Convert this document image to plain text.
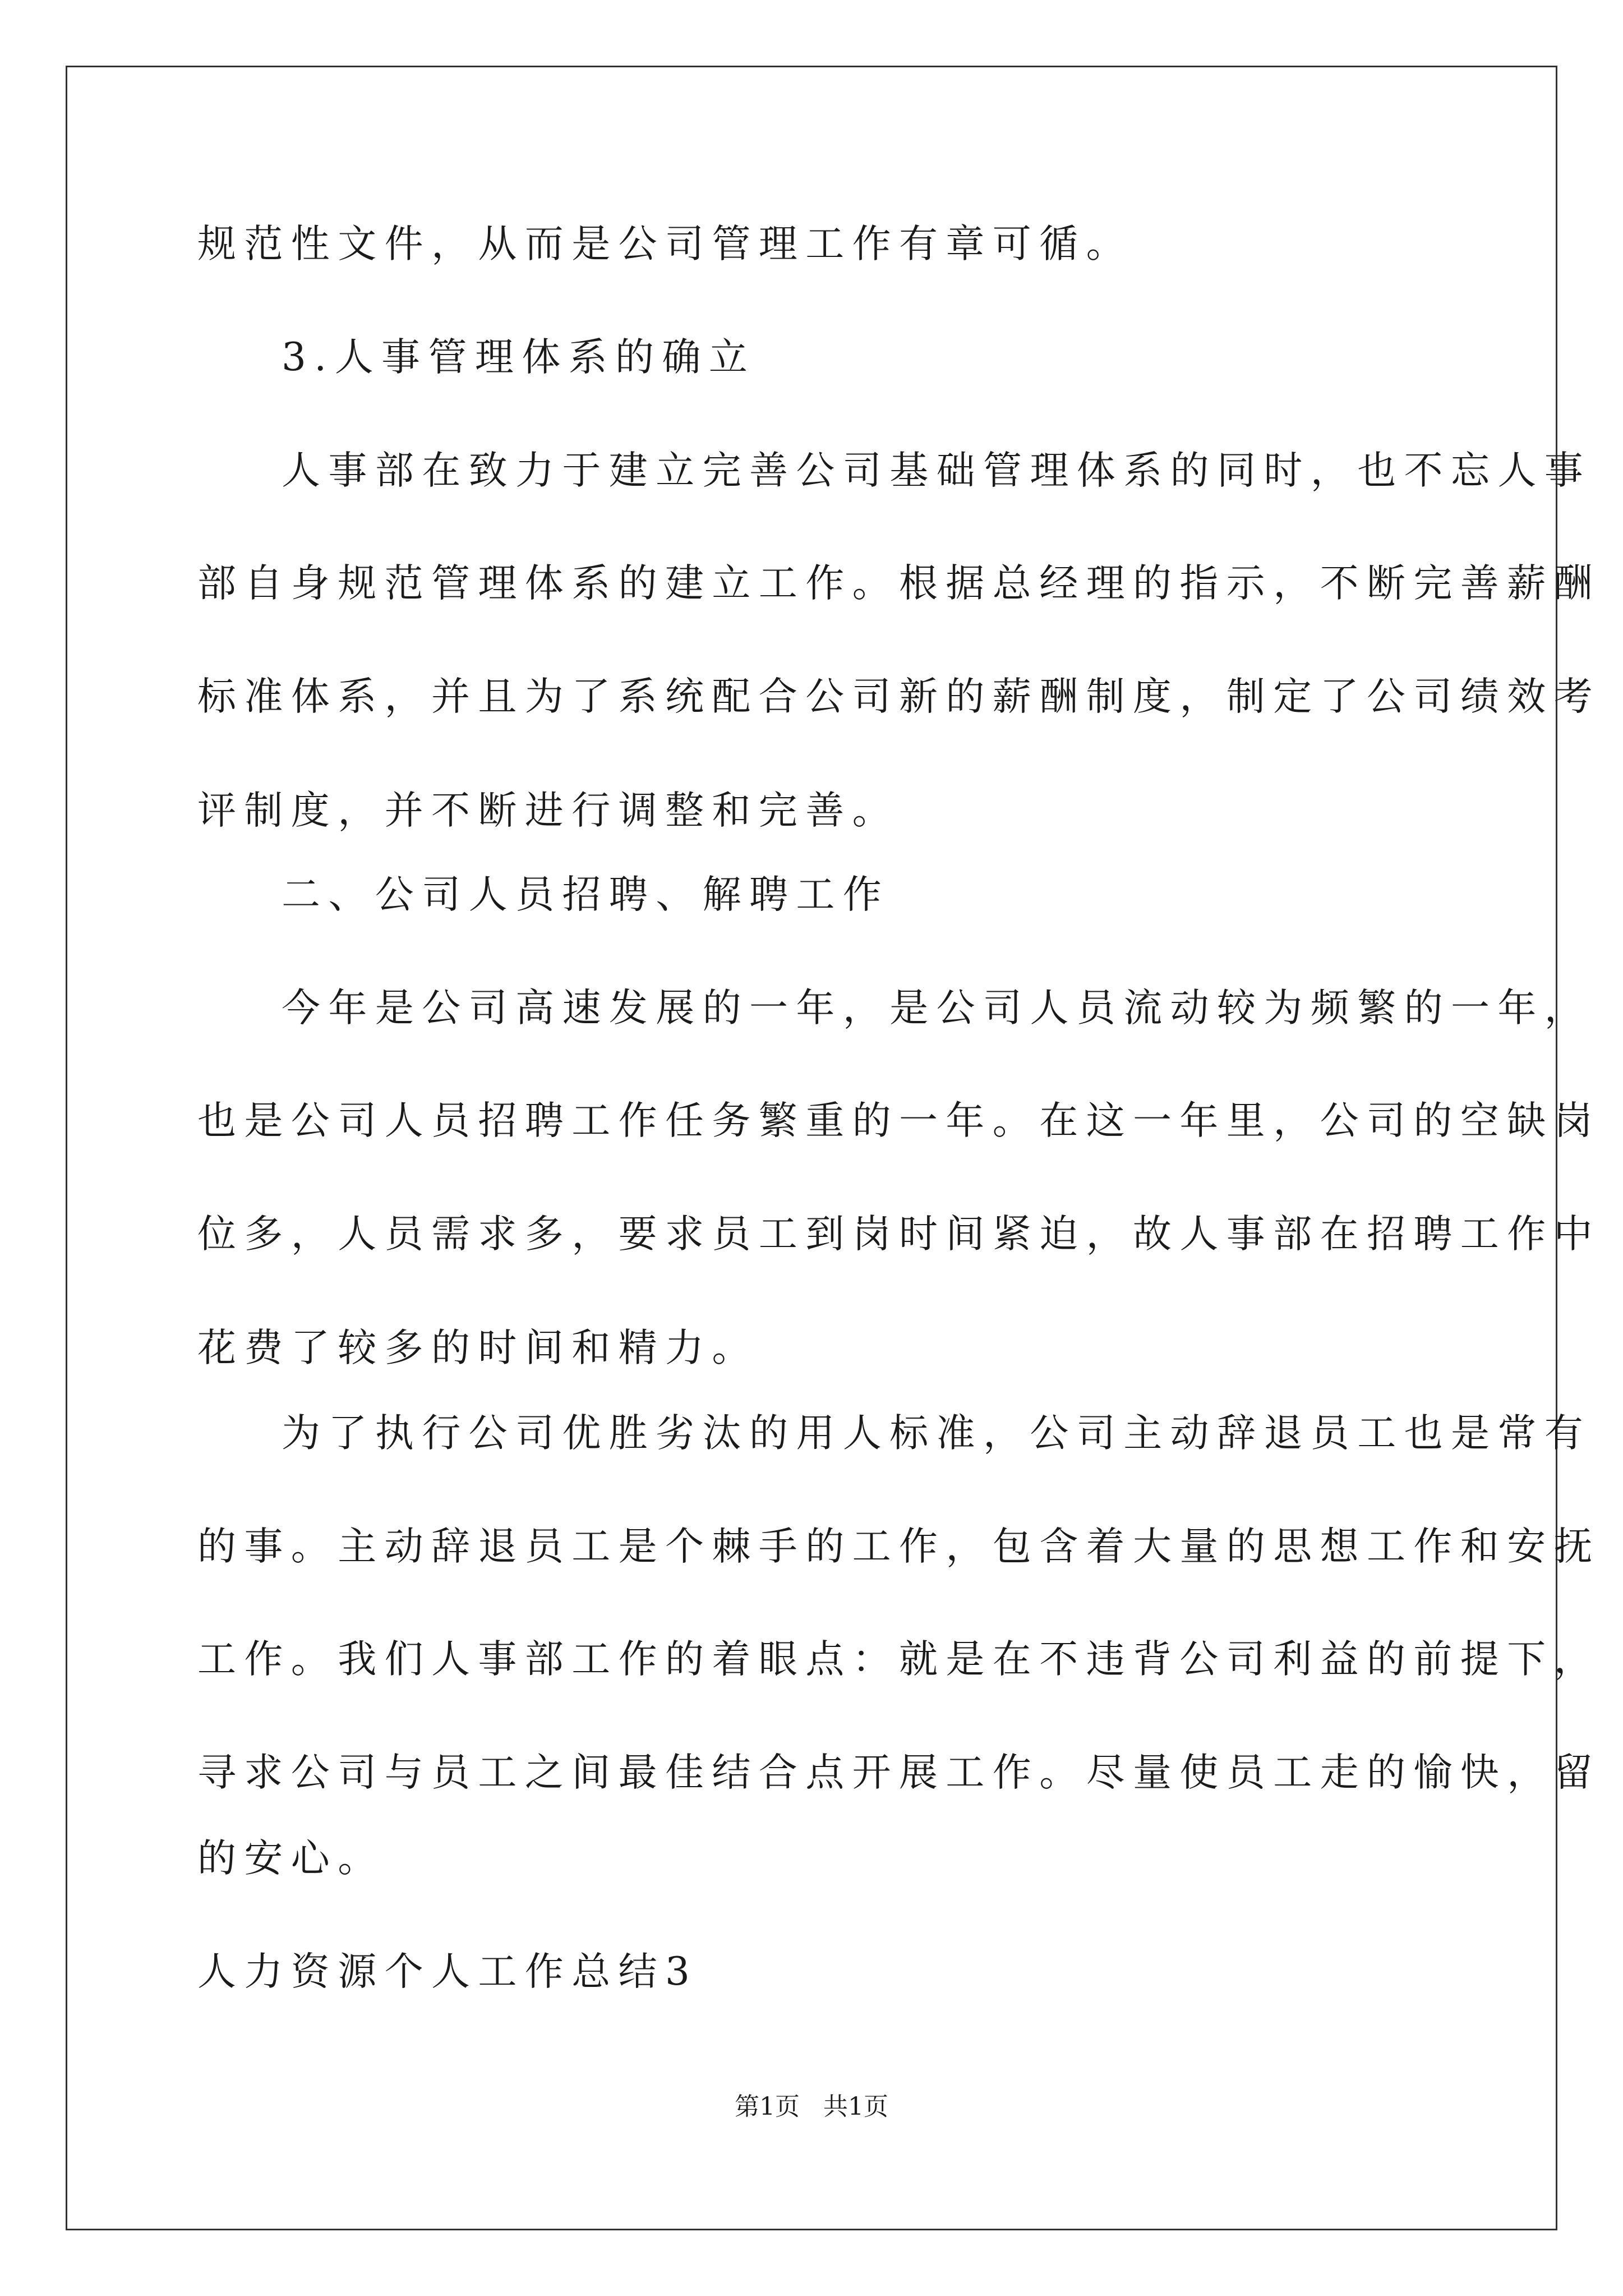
规范性文件，从而是公司管理工作有章可循。
3.人事管理体系的确立
人事部在致力于建立完善公司基础管理体系的同时，也不忘人事
部自身规范管理体系的建立工作。根据总经理的指示，不断完善薪酬
标准体系，并且为了系统配合公司新的薪酬制度，制定了公司绩效考
评制度，并不断进行调整和完善。
二、公司人员招聘、解聘工作
今年是公司高速发展的一年，是公司人员流动较为频繁的一年，
也是公司人员招聘工作任务繁重的一年。在这一年里，公司的空缺岗
位多，人员需求多，要求员工到岗时间紧迫，故人事部在招聘工作中
花费了较多的时间和精力。
为了执行公司优胜劣汰的用人标准，公司主动辞退员工也是常有
的事。主动辞退员工是个棘手的工作，包含着大量的思想工作和安抚
工作。我们人事部工作的着眼点：就是在不违背公司利益的前提下，
寻求公司与员工之间最佳结合点开展工作。尽量使员工走的愉快，留
的安心。
人力资源个人工作总结3
第1页   共1页
